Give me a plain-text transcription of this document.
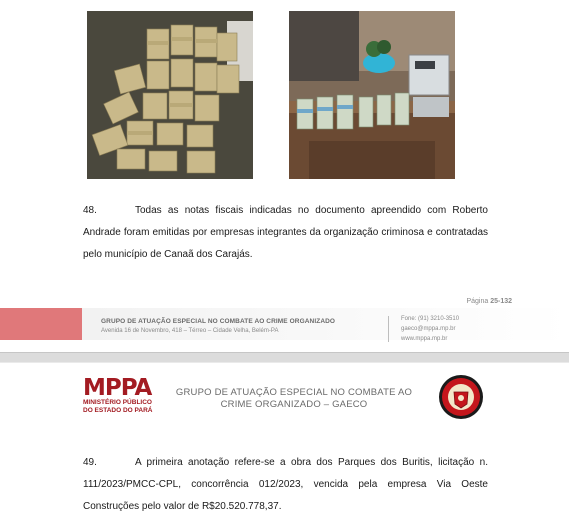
48.	Todas as notas fiscais indicadas no documento apreendido com Roberto Andrade foram emitidas por empresas integrantes da organização criminosa e contratadas pelo município de Canaã dos Carajás.
Página 25-132
GRUPO DE ATUAÇÃO ESPECIAL NO COMBATE AO CRIME ORGANIZADO
Avenida 16 de Novembro, 418 – Térreo – Cidade Velha, Belém-PA
Fone: (91) 3210-3510
gaeco@mppa.mp.br
www.mppa.mp.br
MPPA
MINISTÉRIO PÚBLICO
DO ESTADO DO PARÁ
GRUPO DE ATUAÇÃO ESPECIAL NO COMBATE AO
CRIME ORGANIZADO – GAECO
49.	A primeira anotação refere-se a obra dos Parques dos Buritis, licitação n. 111/2023/PMCC-CPL, concorrência 012/2023, vencida pela empresa Via Oeste Construções pelo valor de R$20.520.778,37.
